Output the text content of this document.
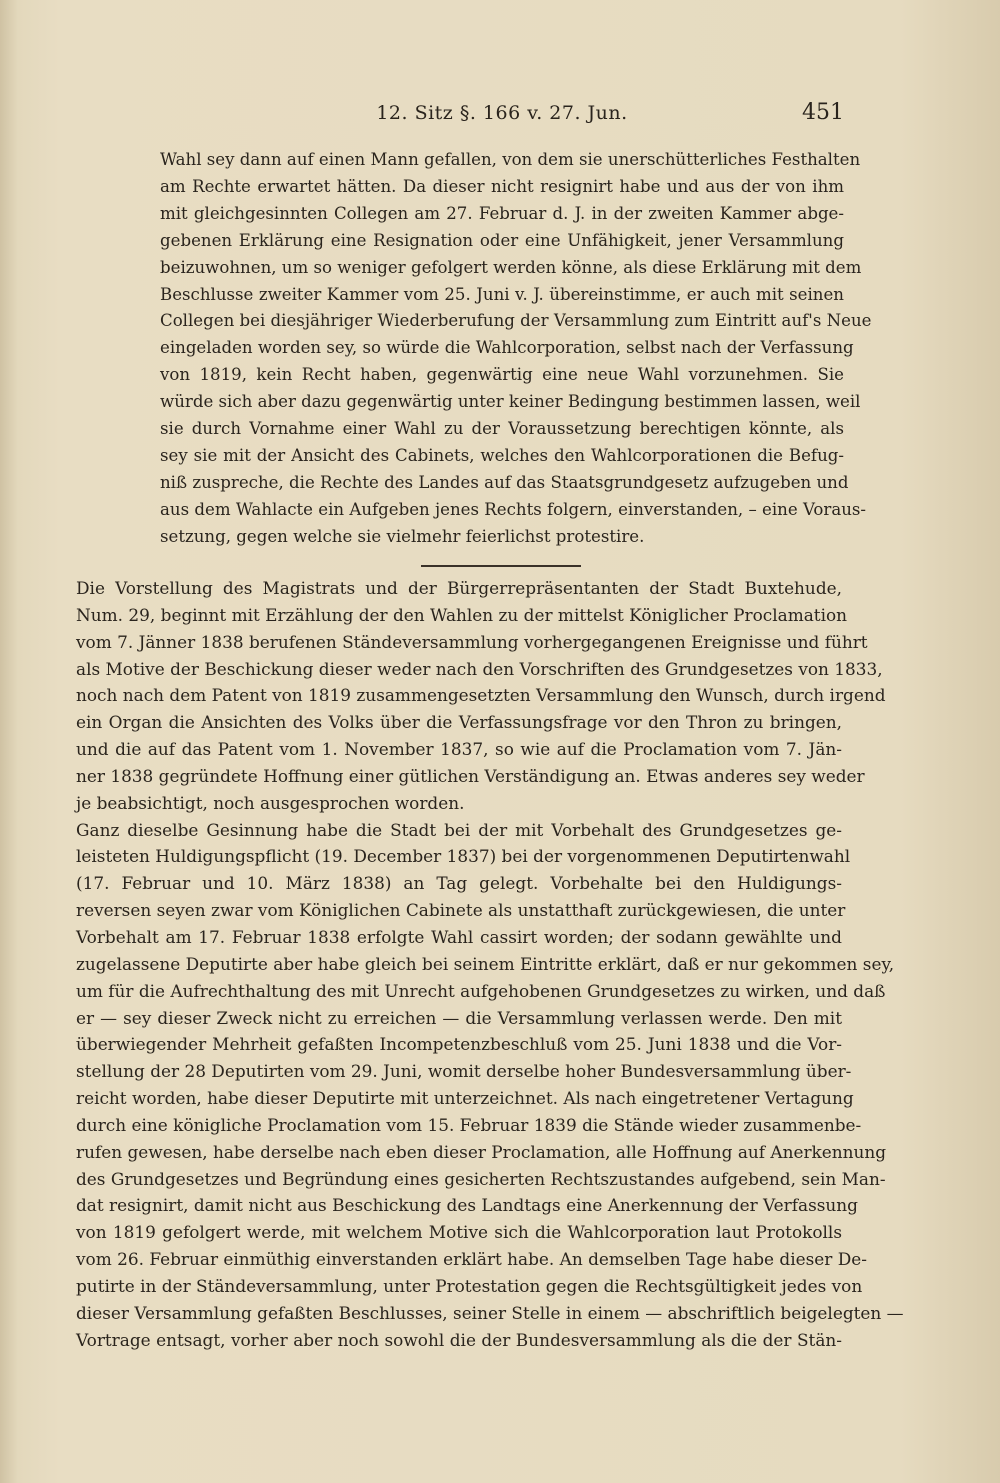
12. Sitz §. 166 v. 27. Jun.	451
Wahl sey dann auf einen Mann gefallen, von dem sie unerschütterliches Festhalten
am Rechte erwartet hätten. Da dieser nicht resignirt habe und aus der von ihm
mit gleichgesinnten Collegen am 27. Februar d. J. in der zweiten Kammer abge-
gebenen Erklärung eine Resignation oder eine Unfähigkeit, jener Versammlung
beizuwohnen, um so weniger gefolgert werden könne, als diese Erklärung mit dem
Beschlusse zweiter Kammer vom 25. Juni v. J. übereinstimme, er auch mit seinen
Collegen bei diesjähriger Wiederberufung der Versammlung zum Eintritt auf's Neue
eingeladen worden sey, so würde die Wahlcorporation, selbst nach der Verfassung
von 1819, kein Recht haben, gegenwärtig eine neue Wahl vorzunehmen. Sie
würde sich aber dazu gegenwärtig unter keiner Bedingung bestimmen lassen, weil
sie durch Vornahme einer Wahl zu der Voraussetzung berechtigen könnte, als
sey sie mit der Ansicht des Cabinets, welches den Wahlcorporationen die Befug-
niß zuspreche, die Rechte des Landes auf das Staatsgrundgesetz aufzugeben und
aus dem Wahlacte ein Aufgeben jenes Rechts folgern, einverstanden, – eine Voraus-
setzung, gegen welche sie vielmehr feierlichst protestire.
Die Vorstellung des Magistrats und der Bürgerrepräsentanten der Stadt Buxtehude,
Num. 29, beginnt mit Erzählung der den Wahlen zu der mittelst Königlicher Proclamation
vom 7. Jänner 1838 berufenen Ständeversammlung vorhergegangenen Ereignisse und führt
als Motive der Beschickung dieser weder nach den Vorschriften des Grundgesetzes von 1833,
noch nach dem Patent von 1819 zusammengesetzten Versammlung den Wunsch, durch irgend
ein Organ die Ansichten des Volks über die Verfassungsfrage vor den Thron zu bringen,
und die auf das Patent vom 1. November 1837, so wie auf die Proclamation vom 7. Jän-
ner 1838 gegründete Hoffnung einer gütlichen Verständigung an. Etwas anderes sey weder
je beabsichtigt, noch ausgesprochen worden.
Ganz dieselbe Gesinnung habe die Stadt bei der mit Vorbehalt des Grundgesetzes ge-
leisteten Huldigungspflicht (19. December 1837) bei der vorgenommenen Deputirtenwahl
(17. Februar und 10. März 1838) an Tag gelegt. Vorbehalte bei den Huldigungs-
reversen seyen zwar vom Königlichen Cabinete als unstatthaft zurückgewiesen, die unter
Vorbehalt am 17. Februar 1838 erfolgte Wahl cassirt worden; der sodann gewählte und
zugelassene Deputirte aber habe gleich bei seinem Eintritte erklärt, daß er nur gekommen sey,
um für die Aufrechthaltung des mit Unrecht aufgehobenen Grundgesetzes zu wirken, und daß
er — sey dieser Zweck nicht zu erreichen — die Versammlung verlassen werde. Den mit
überwiegender Mehrheit gefaßten Incompetenzbeschluß vom 25. Juni 1838 und die Vor-
stellung der 28 Deputirten vom 29. Juni, womit derselbe hoher Bundesversammlung über-
reicht worden, habe dieser Deputirte mit unterzeichnet. Als nach eingetretener Vertagung
durch eine königliche Proclamation vom 15. Februar 1839 die Stände wieder zusammenbe-
rufen gewesen, habe derselbe nach eben dieser Proclamation, alle Hoffnung auf Anerkennung
des Grundgesetzes und Begründung eines gesicherten Rechtszustandes aufgebend, sein Man-
dat resignirt, damit nicht aus Beschickung des Landtags eine Anerkennung der Verfassung
von 1819 gefolgert werde, mit welchem Motive sich die Wahlcorporation laut Protokolls
vom 26. Februar einmüthig einverstanden erklärt habe. An demselben Tage habe dieser De-
putirte in der Ständeversammlung, unter Protestation gegen die Rechtsgültigkeit jedes von
dieser Versammlung gefaßten Beschlusses, seiner Stelle in einem — abschriftlich beigelegten —
Vortrage entsagt, vorher aber noch sowohl die der Bundesversammlung als die der Stän-
